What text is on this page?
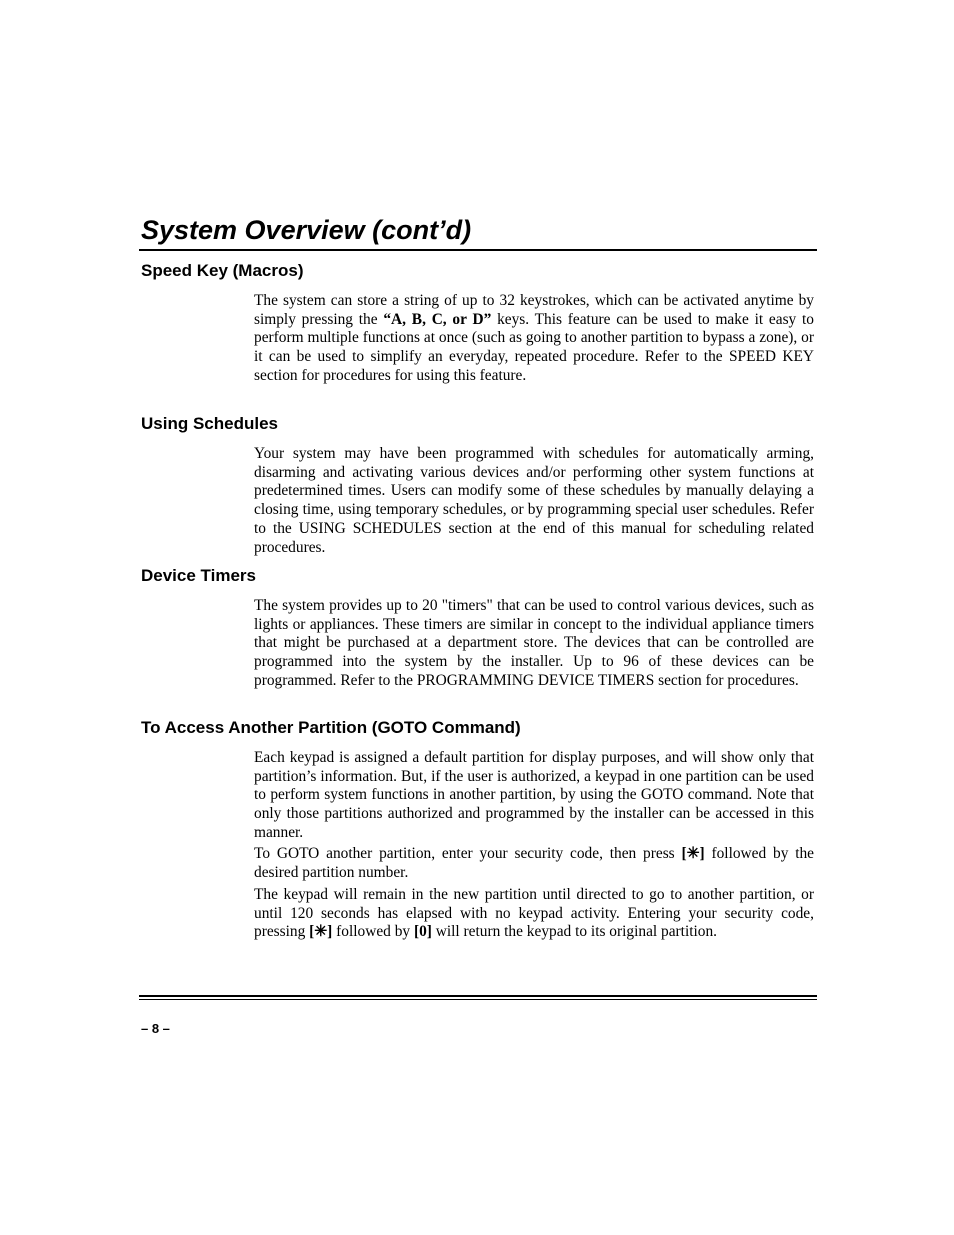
System Overview (cont’d)
Speed Key (Macros)

The system can store a string of up to 32 keystrokes, which can be activated anytime by simply pressing the “A, B, C, or D” keys. This feature can be used to make it easy to perform multiple functions at once (such as going to another partition to bypass a zone), or it can be used to simplify an everyday, repeated procedure. Refer to the SPEED KEY section for procedures for using this feature.

Using Schedules

Your system may have been programmed with schedules for automatically arming, disarming and activating various devices and/or performing other system functions at predetermined times. Users can modify some of these schedules by manually delaying a closing time, using temporary schedules, or by programming special user schedules. Refer to the USING SCHEDULES section at the end of this manual for scheduling related procedures.

Device Timers

The system provides up to 20 "timers" that can be used to control various devices, such as lights or appliances. These timers are similar in concept to the individual appliance timers that might be purchased at a department store. The devices that can be controlled are programmed into the system by the installer. Up to 96 of these devices can be programmed. Refer to the PROGRAMMING DEVICE TIMERS section for procedures.

To Access Another Partition (GOTO Command)

Each keypad is assigned a default partition for display purposes, and will show only that partition’s information. But, if the user is authorized, a keypad in one partition can be used to perform system functions in another partition, by using the GOTO command. Note that only those partitions authorized and programmed by the installer can be accessed in this manner.

To GOTO another partition, enter your security code, then press [✳] followed by the desired partition number.

The keypad will remain in the new partition until directed to go to another partition, or until 120 seconds has elapsed with no keypad activity. Entering your security code, pressing [✳] followed by [0] will return the keypad to its original partition.

– 8 –
